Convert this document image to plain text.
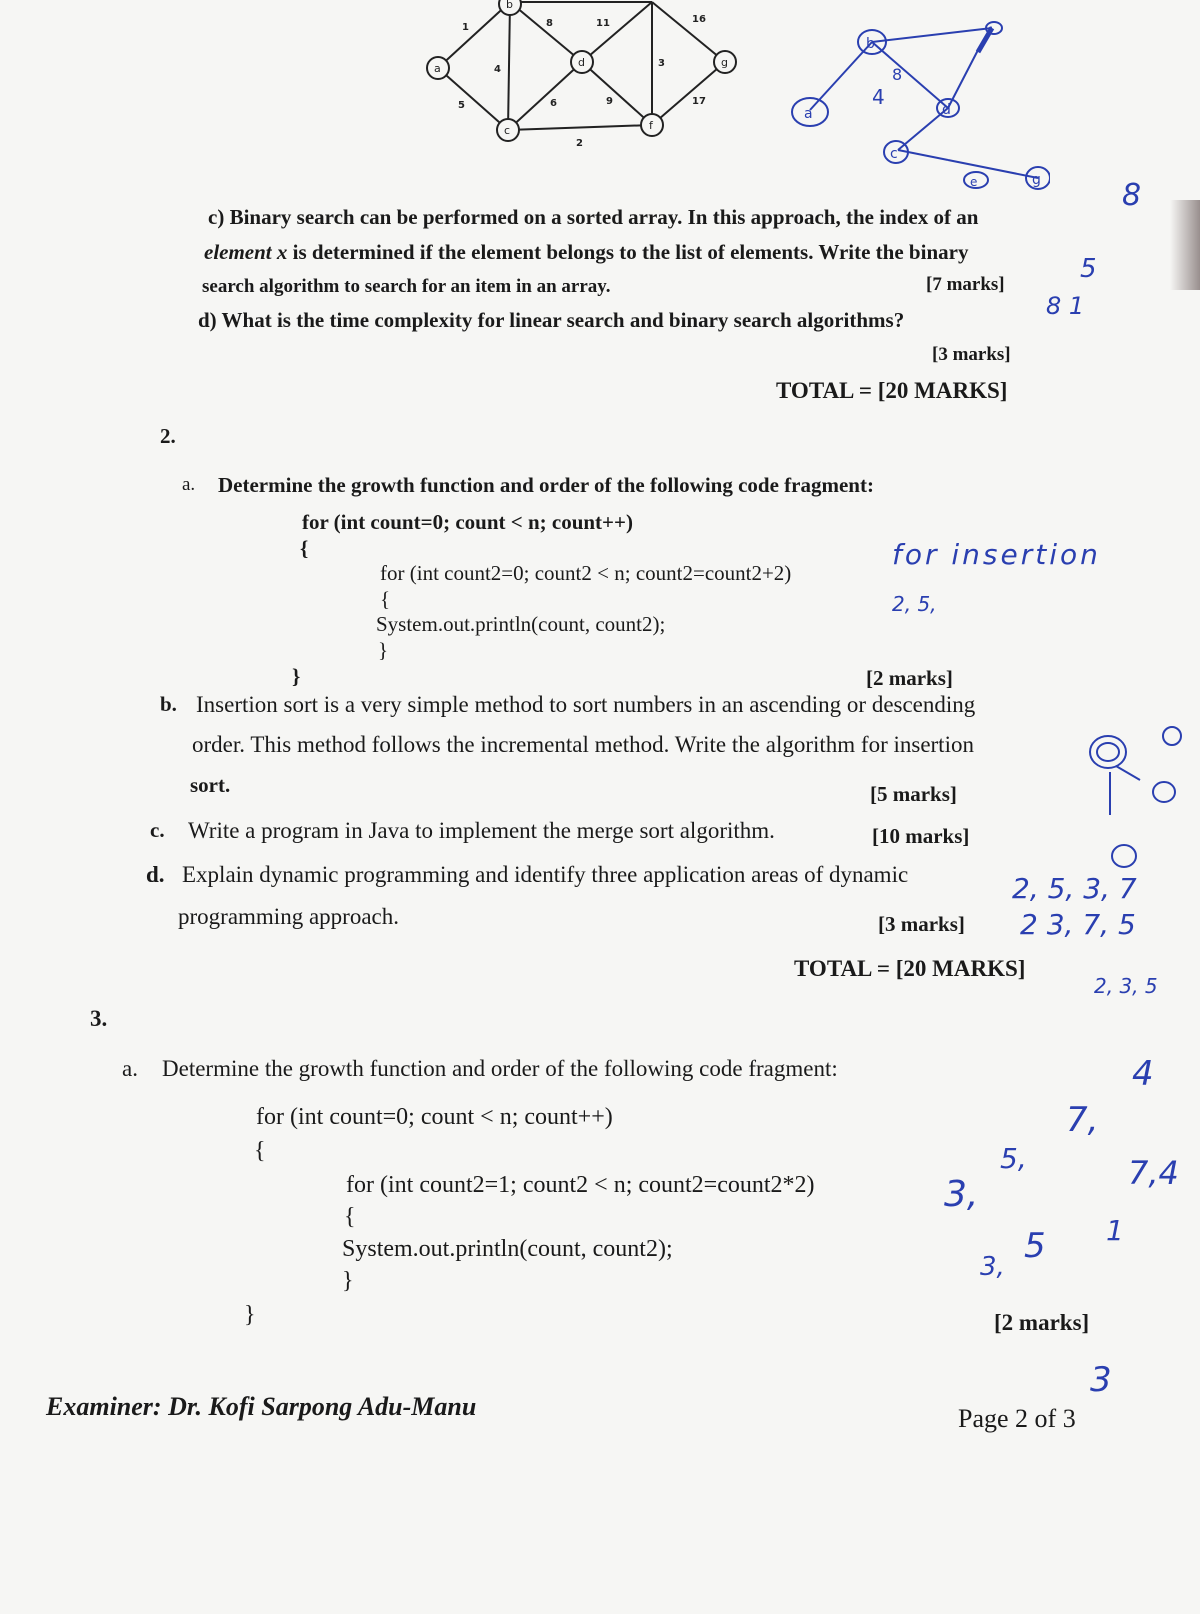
a
b
c
d
f
g
1	8	11	16
4
3
5	6	9	17
2
a
b
c
d
e
f
g
4
8
c) Binary search can be performed on a sorted array. In this approach, the index of an
element x is determined if the element belongs to the list of elements. Write the binary
search algorithm to search for an item in an array.	[7 marks]
d) What is the time complexity for linear search and binary search algorithms?
[3 marks]
TOTAL = [20 MARKS]
2.
a. Determine the growth function and order of the following code fragment:
for (int count=0; count < n; count++)
{
for (int count2=0; count2 < n; count2=count2+2)
{
System.out.println(count, count2);
}
}	[2 marks]
b. Insertion sort is a very simple method to sort numbers in an ascending or descending
order. This method follows the incremental method. Write the algorithm for insertion
sort.	[5 marks]
c. Write a program in Java to implement the merge sort algorithm.	[10 marks]
d. Explain dynamic programming and identify three application areas of dynamic
programming approach.	[3 marks]
TOTAL = [20 MARKS]
3.
a. Determine the growth function and order of the following code fragment:
for (int count=0; count < n; count++)
{
for (int count2=1; count2 < n; count2=count2*2)
{
System.out.println(count, count2);
}
}	[2 marks]
Examiner: Dr. Kofi Sarpong Adu-Manu	Page 2 of 3
8
5
8 1
for insertion
2, 5,
2, 5, 3, 7
2 3, 7, 5
2, 3, 5
4
7,
5,	7,4
3,
3,
5 1
3
